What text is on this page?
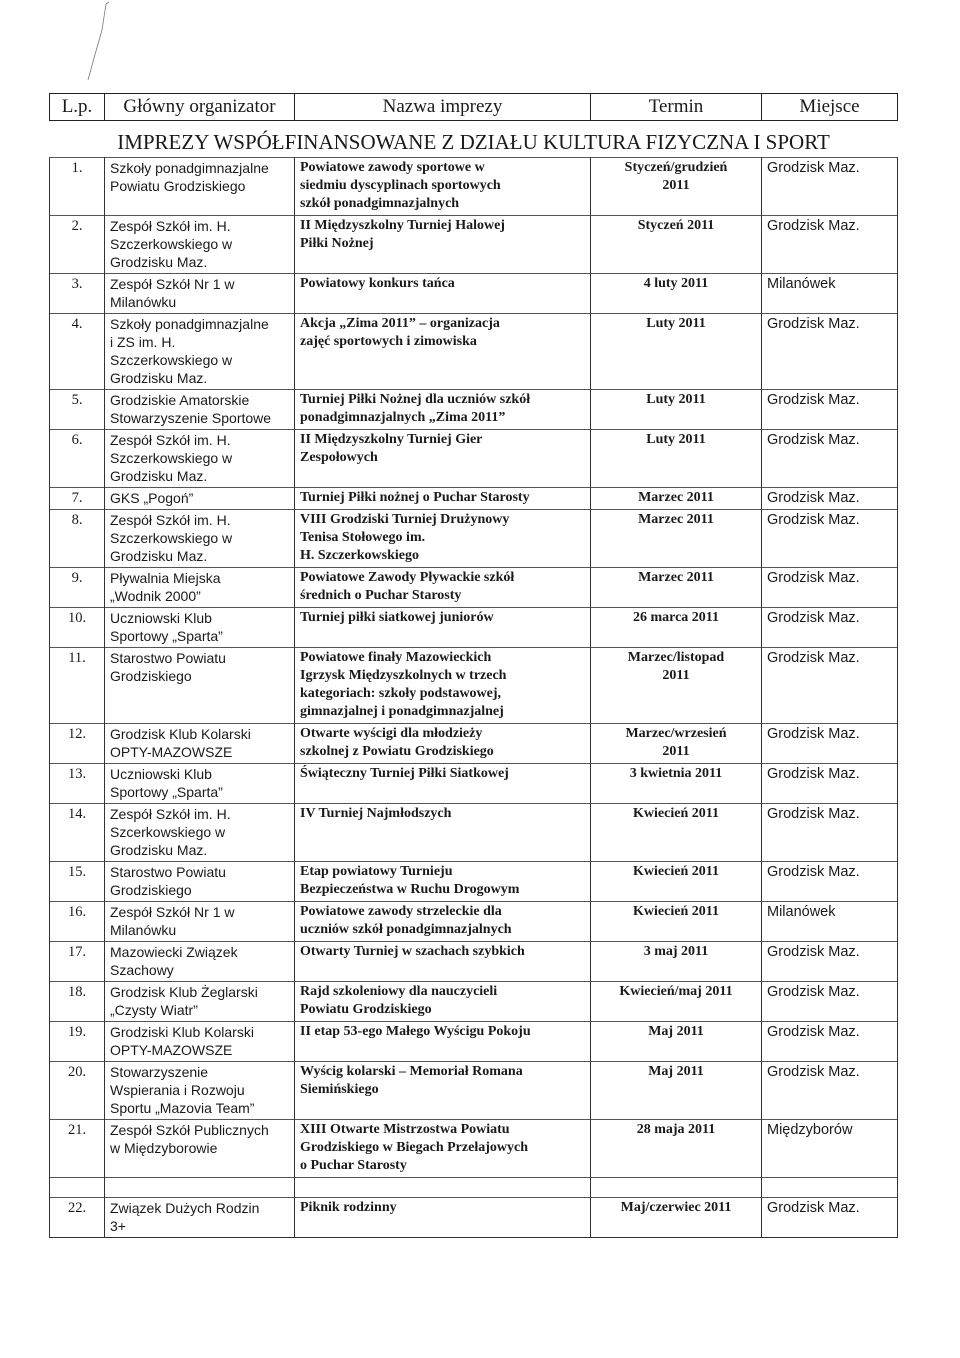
L.p.	Główny organizator	Nazwa imprezy	Termin	Miejsce
IMPREZY WSPÓŁFINANSOWANE Z DZIAŁU KULTURA FIZYCZNA I SPORT				
1.	Szkoły ponadgimnazjalne
Powiatu Grodziskiego	Powiatowe zawody sportowe w
siedmiu dyscyplinach sportowych
szkół ponadgimnazjalnych	Styczeń/grudzień
2011	Grodzisk Maz.
2.	Zespół Szkół im. H.
Szczerkowskiego w
Grodzisku Maz.	II Międzyszkolny Turniej Halowej
Piłki Nożnej	Styczeń 2011	Grodzisk Maz.
3.	Zespół Szkół Nr 1 w
Milanówku	Powiatowy konkurs tańca	4 luty 2011	Milanówek
4.	Szkoły ponadgimnazjalne
i ZS im. H.
Szczerkowskiego w
Grodzisku Maz.	Akcja „Zima 2011” – organizacja
zajęć sportowych i zimowiska	Luty 2011	Grodzisk Maz.
5.	Grodziskie Amatorskie
Stowarzyszenie Sportowe	Turniej Piłki Nożnej dla uczniów szkół
ponadgimnazjalnych „Zima 2011”	Luty 2011	Grodzisk Maz.
6.	Zespół Szkół im. H.
Szczerkowskiego w
Grodzisku Maz.	II Międzyszkolny Turniej Gier
Zespołowych	Luty 2011	Grodzisk Maz.
7.	GKS „Pogoń”	Turniej Piłki nożnej o Puchar Starosty	Marzec 2011	Grodzisk Maz.
8.	Zespół Szkół im. H.
Szczerkowskiego w
Grodzisku Maz.	VIII Grodziski Turniej Drużynowy
Tenisa Stołowego im.
H. Szczerkowskiego	Marzec 2011	Grodzisk Maz.
9.	Pływalnia Miejska
„Wodnik 2000”	Powiatowe Zawody Pływackie szkół
średnich o Puchar Starosty	Marzec 2011	Grodzisk Maz.
10.	Uczniowski Klub
Sportowy „Sparta”	Turniej piłki siatkowej juniorów	26 marca 2011	Grodzisk Maz.
11.	Starostwo Powiatu
Grodziskiego	Powiatowe finały Mazowieckich
Igrzysk Międzyszkolnych w trzech
kategoriach: szkoły podstawowej,
gimnazjalnej i ponadgimnazjalnej	Marzec/listopad
2011	Grodzisk Maz.
12.	Grodzisk Klub Kolarski
OPTY-MAZOWSZE	Otwarte wyścigi dla młodzieży
szkolnej z Powiatu Grodziskiego	Marzec/wrzesień
2011	Grodzisk Maz.
13.	Uczniowski Klub
Sportowy „Sparta”	Świąteczny Turniej Piłki Siatkowej	3 kwietnia 2011	Grodzisk Maz.
14.	Zespół Szkół im. H.
Szcerkowskiego w
Grodzisku Maz.	IV Turniej Najmłodszych	Kwiecień 2011	Grodzisk Maz.
15.	Starostwo Powiatu
Grodziskiego	Etap powiatowy Turnieju
Bezpieczeństwa w Ruchu Drogowym	Kwiecień 2011	Grodzisk Maz.
16.	Zespół Szkół Nr 1 w
Milanówku	Powiatowe zawody strzeleckie dla
uczniów szkół ponadgimnazjalnych	Kwiecień 2011	Milanówek
17.	Mazowiecki Związek
Szachowy	Otwarty Turniej w szachach szybkich	3 maj 2011	Grodzisk Maz.
18.	Grodzisk Klub Żeglarski
„Czysty Wiatr”	Rajd szkoleniowy dla nauczycieli
Powiatu Grodziskiego	Kwiecień/maj 2011	Grodzisk Maz.
19.	Grodziski Klub Kolarski
OPTY-MAZOWSZE	II etap 53-ego Małego Wyścigu Pokoju	Maj 2011	Grodzisk Maz.
20.	Stowarzyszenie
Wspierania i Rozwoju
Sportu „Mazovia Team”	Wyścig kolarski – Memoriał Romana
Siemińskiego	Maj 2011	Grodzisk Maz.
21.	Zespół Szkół Publicznych
w Międzyborowie	XIII Otwarte Mistrzostwa Powiatu
Grodziskiego w Biegach Przełajowych
o Puchar Starosty	28 maja 2011	Międzyborów

22.	Związek Dużych Rodzin
3+	Piknik rodzinny	Maj/czerwiec 2011	Grodzisk Maz.
